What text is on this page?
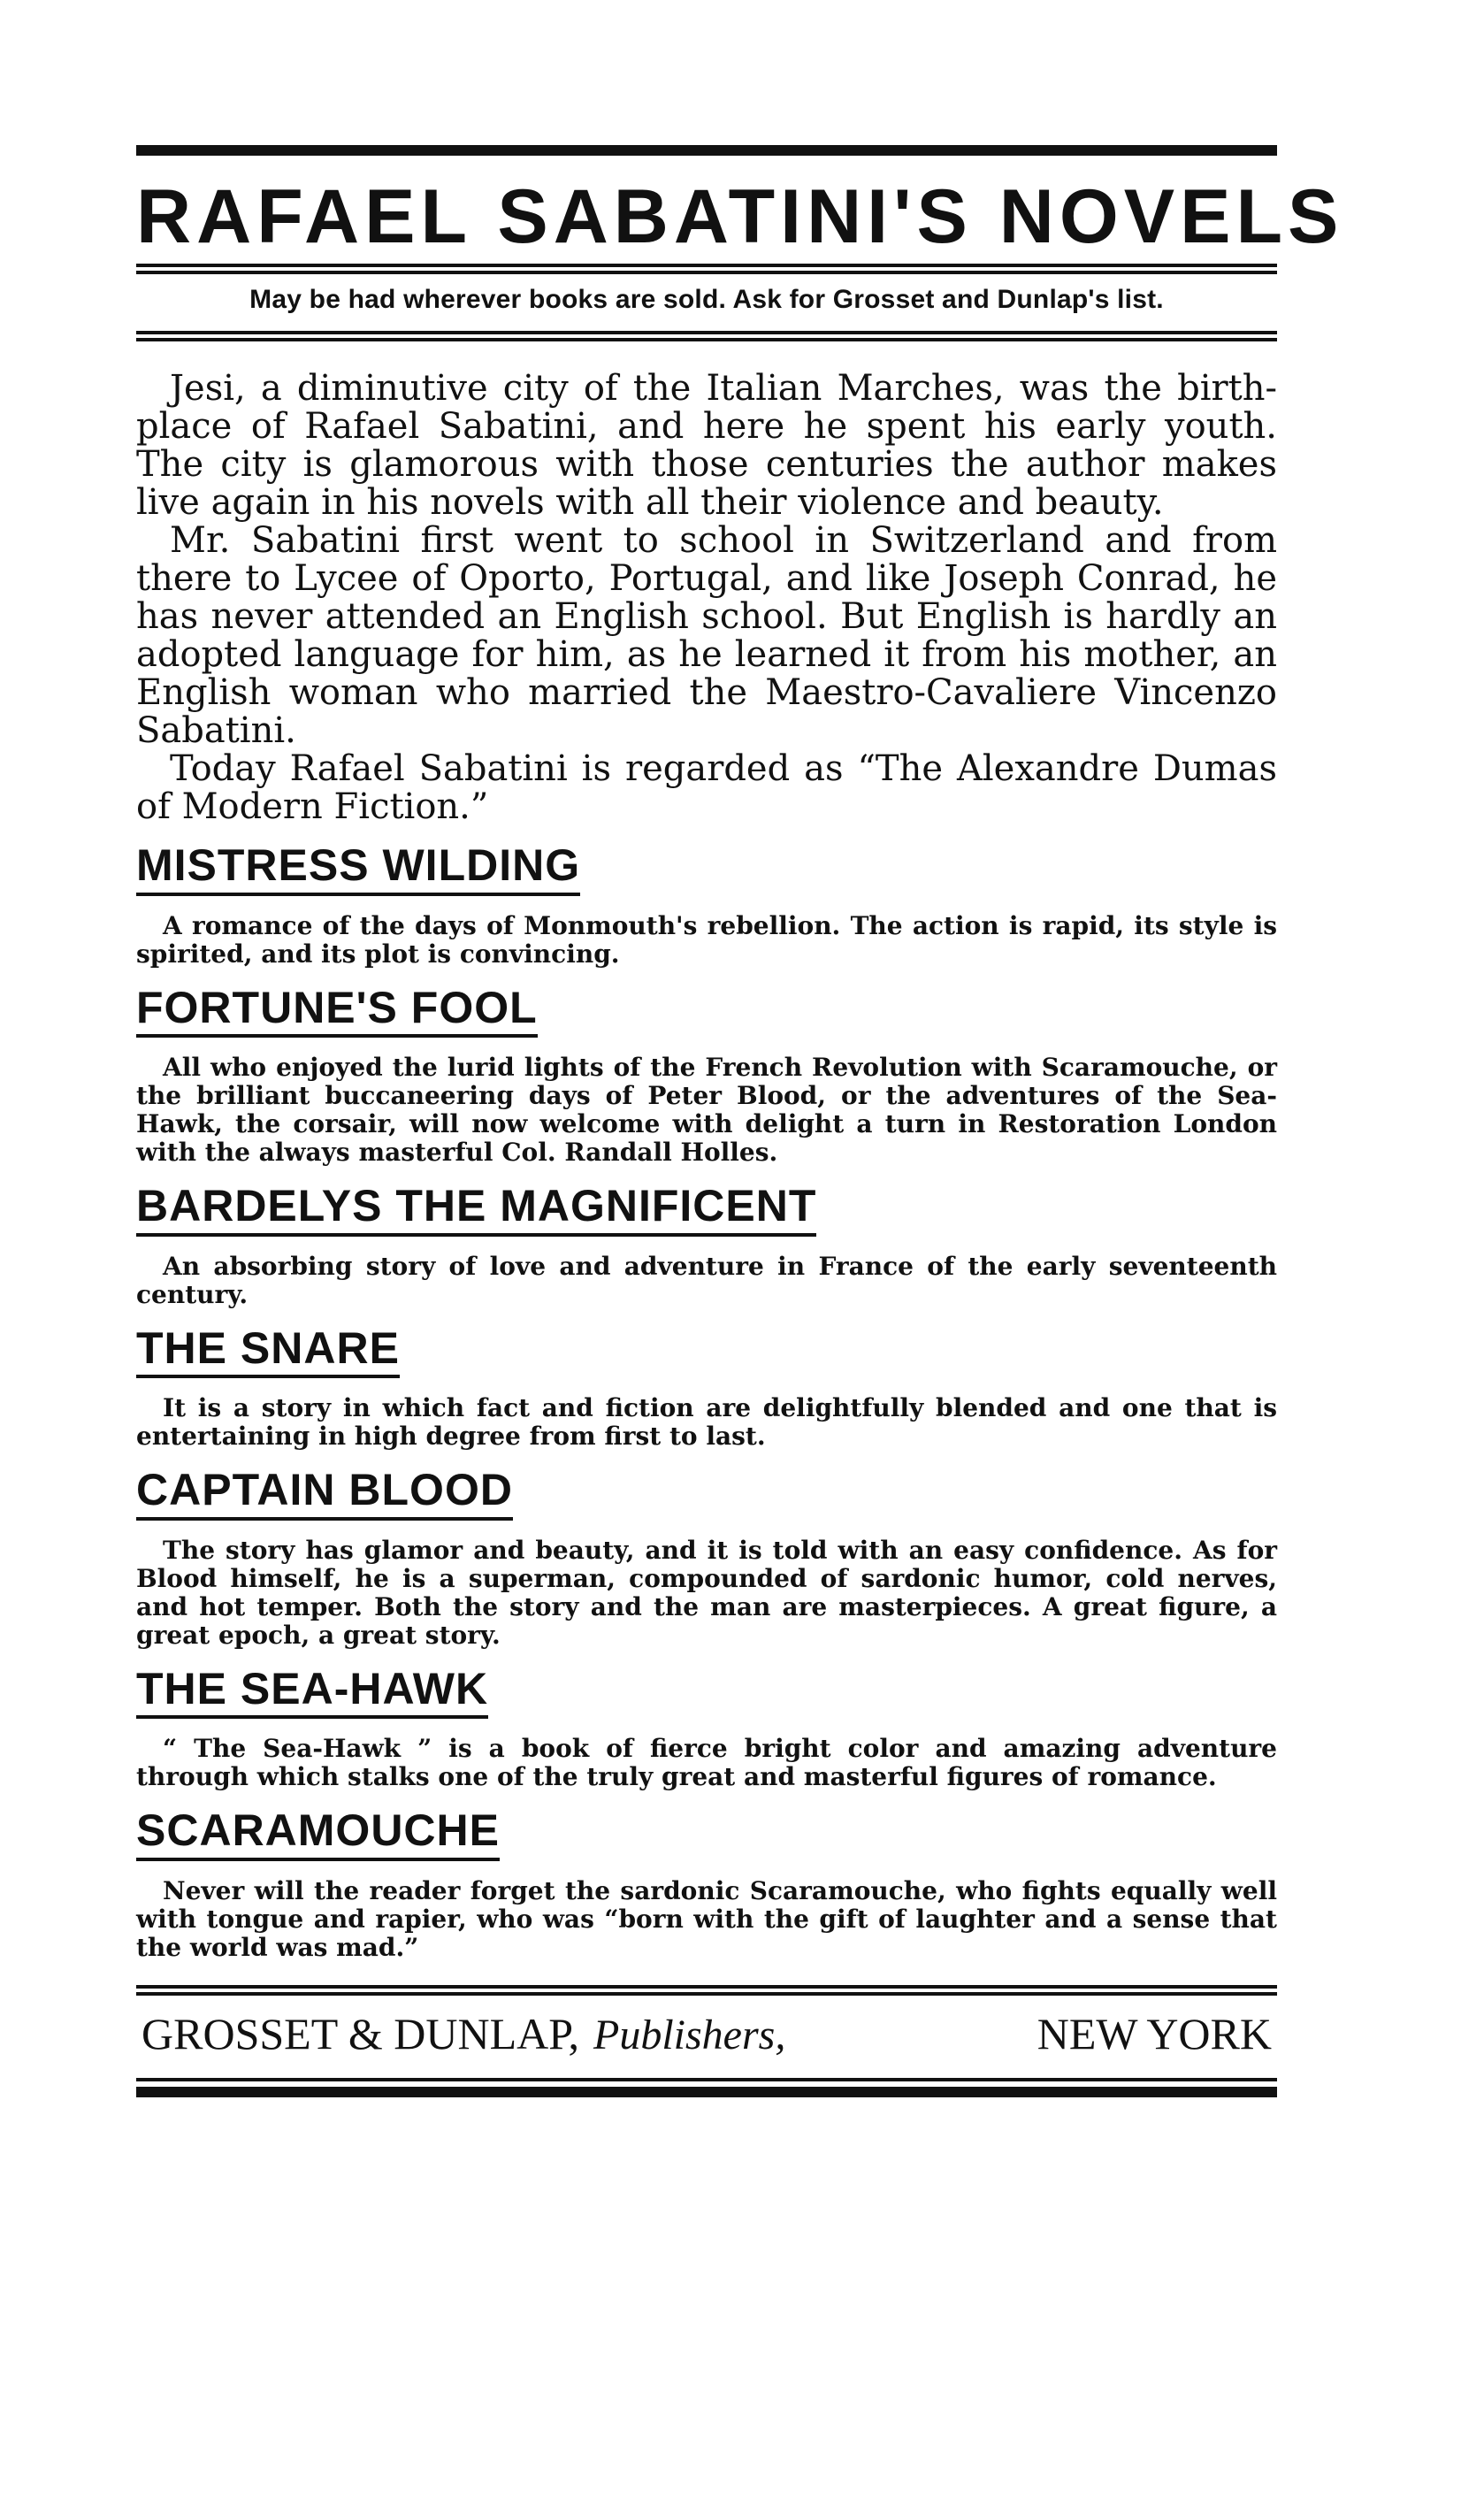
RAFAEL SABATINI'S NOVELS
May be had wherever books are sold. Ask for Grosset and Dunlap's list.

Jesi, a diminutive city of the Italian Marches, was the birthplace of Rafael Sabatini, and here he spent his early youth. The city is glamorous with those centuries the author makes live again in his novels with all their violence and beauty.

Mr. Sabatini first went to school in Switzerland and from there to Lycee of Oporto, Portugal, and like Joseph Conrad, he has never attended an English school. But English is hardly an adopted language for him, as he learned it from his mother, an English woman who married the Maestro-Cavaliere Vincenzo Sabatini.

Today Rafael Sabatini is regarded as “The Alexandre Dumas of Modern Fiction.”

MISTRESS WILDING

A romance of the days of Monmouth's rebellion. The action is rapid, its style is spirited, and its plot is convincing.

FORTUNE'S FOOL

All who enjoyed the lurid lights of the French Revolution with Scaramouche, or the brilliant buccaneering days of Peter Blood, or the adventures of the Sea-Hawk, the corsair, will now welcome with delight a turn in Restoration London with the always masterful Col. Randall Holles.

BARDELYS THE MAGNIFICENT

An absorbing story of love and adventure in France of the early seventeenth century.

THE SNARE

It is a story in which fact and fiction are delightfully blended and one that is entertaining in high degree from first to last.

CAPTAIN BLOOD

The story has glamor and beauty, and it is told with an easy confidence. As for Blood himself, he is a superman, compounded of sardonic humor, cold nerves, and hot temper. Both the story and the man are masterpieces. A great figure, a great epoch, a great story.

THE SEA-HAWK

“ The Sea-Hawk ” is a book of fierce bright color and amazing adventure through which stalks one of the truly great and masterful figures of romance.

SCARAMOUCHE

Never will the reader forget the sardonic Scaramouche, who fights equally well with tongue and rapier, who was “born with the gift of laughter and a sense that the world was mad.”

GROSSET & DUNLAP, Publishers,	NEW YORK
